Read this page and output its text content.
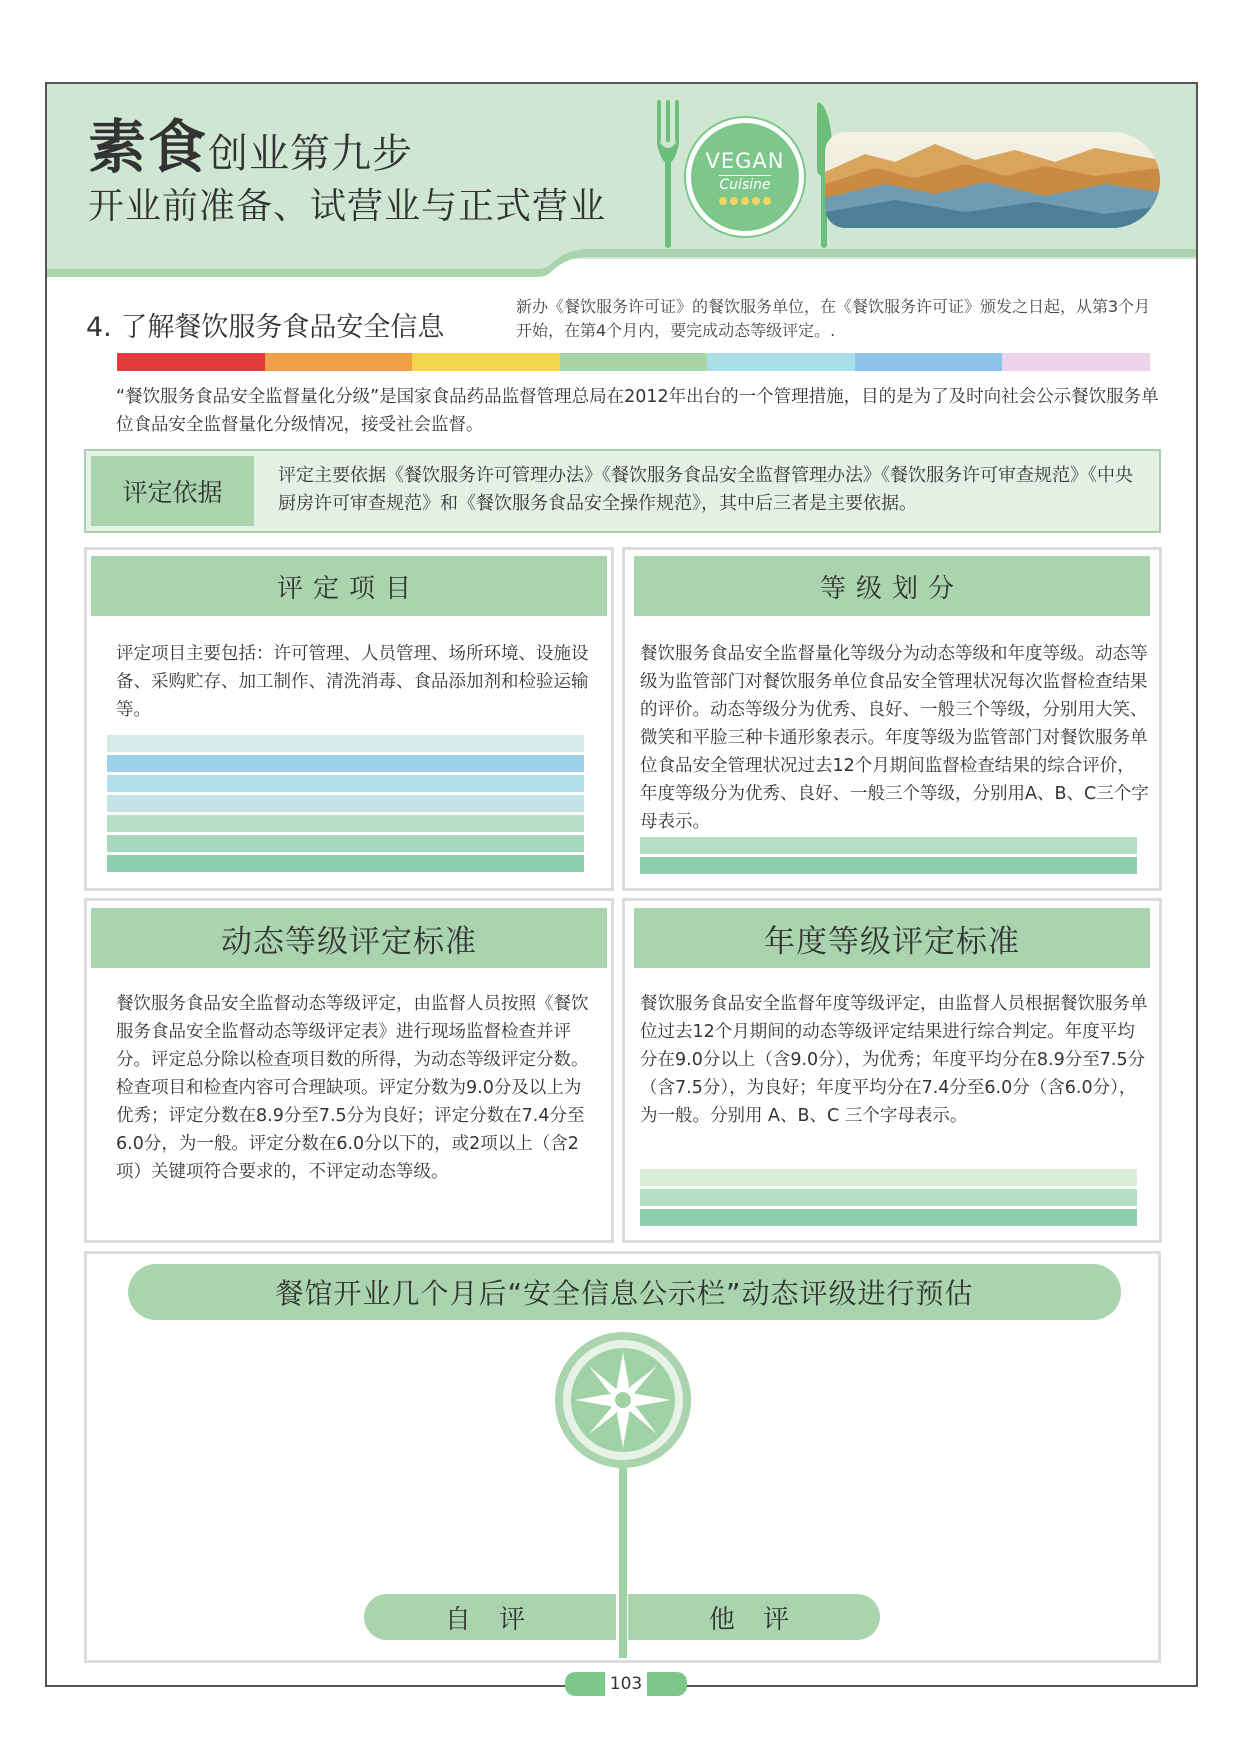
素食创业第九步
开业前准备、试营业与正式营业
VEGAN
Cuisine
4. 了解餐饮服务食品安全信息
新办《餐饮服务许可证》的餐饮服务单位，在《餐饮服务许可证》颁发之日起，从第3个月开始，在第4个月内，要完成动态等级评定。.
“餐饮服务食品安全监督量化分级”是国家食品药品监督管理总局在2012年出台的一个管理措施，目的是为了及时向社会公示餐饮服务单位食品安全监督量化分级情况，接受社会监督。
评定依据
评定主要依据《餐饮服务许可管理办法》《餐饮服务食品安全监督管理办法》《餐饮服务许可审查规范》《中央厨房许可审查规范》和《餐饮服务食品安全操作规范》，其中后三者是主要依据。
评定项目
评定项目主要包括：许可管理、人员管理、场所环境、设施设备、采购贮存、加工制作、清洗消毒、食品添加剂和检验运输等。
等级划分
餐饮服务食品安全监督量化等级分为动态等级和年度等级。动态等级为监管部门对餐饮服务单位食品安全管理状况每次监督检查结果的评价。动态等级分为优秀、良好、一般三个等级，分别用大笑、微笑和平脸三种卡通形象表示。年度等级为监管部门对餐饮服务单位食品安全管理状况过去12个月期间监督检查结果的综合评价，年度等级分为优秀、良好、一般三个等级，分别用A、B、C三个字母表示。
动态等级评定标准
餐饮服务食品安全监督动态等级评定，由监督人员按照《餐饮服务食品安全监督动态等级评定表》进行现场监督检查并评分。评定总分除以检查项目数的所得，为动态等级评定分数。检查项目和检查内容可合理缺项。评定分数为9.0分及以上为优秀；评定分数在8.9分至7.5分为良好；评定分数在7.4分至6.0分，为一般。评定分数在6.0分以下的，或2项以上（含2项）关键项符合要求的，不评定动态等级。
年度等级评定标准
餐饮服务食品安全监督年度等级评定，由监督人员根据餐饮服务单位过去12个月期间的动态等级评定结果进行综合判定。年度平均分在9.0分以上（含9.0分），为优秀；年度平均分在8.9分至7.5分（含7.5分），为良好；年度平均分在7.4分至6.0分（含6.0分），为一般。分别用 A、B、C 三个字母表示。
餐馆开业几个月后“安全信息公示栏”动态评级进行预估
自 评	他 评
103
